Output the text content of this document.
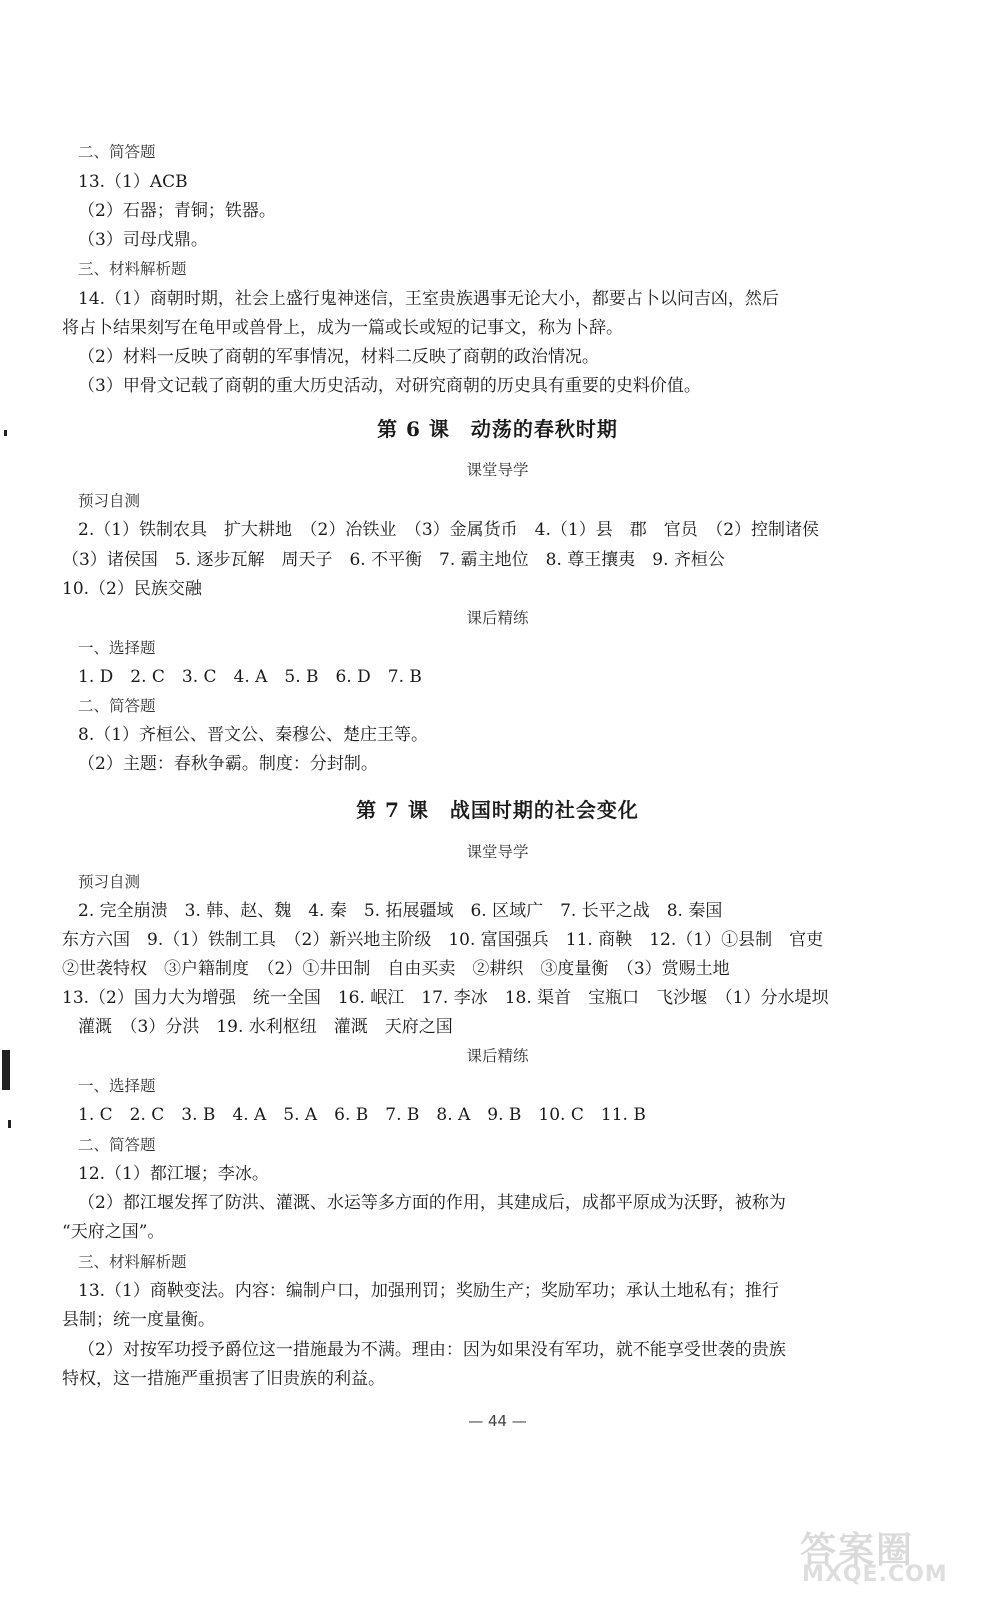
二、简答题
13.（1）ACB
（2）石器；青铜；铁器。
（3）司母戊鼎。
三、材料解析题
14.（1）商朝时期，社会上盛行鬼神迷信，王室贵族遇事无论大小，都要占卜以问吉凶，然后
将占卜结果刻写在龟甲或兽骨上，成为一篇或长或短的记事文，称为卜辞。
（2）材料一反映了商朝的军事情况，材料二反映了商朝的政治情况。
（3）甲骨文记载了商朝的重大历史活动，对研究商朝的历史具有重要的史料价值。
第 6 课　动荡的春秋时期
课堂导学
预习自测
2.（1）铁制农具　扩大耕地　（2）冶铁业　（3）金属货币　4.（1）县　郡　官员　（2）控制诸侯
（3）诸侯国　5. 逐步瓦解　周天子　6. 不平衡　7. 霸主地位　8. 尊王攘夷　9. 齐桓公
10.（2）民族交融
课后精练
一、选择题
1. D　2. C　3. C　4. A　5. B　6. D　7. B
二、简答题
8.（1）齐桓公、晋文公、秦穆公、楚庄王等。
（2）主题：春秋争霸。制度：分封制。
第 7 课　战国时期的社会变化
课堂导学
预习自测
2. 完全崩溃　3. 韩、赵、魏　4. 秦　5. 拓展疆域　6. 区域广　7. 长平之战　8. 秦国
东方六国　9.（1）铁制工具　（2）新兴地主阶级　10. 富国强兵　11. 商鞅　12.（1）①县制　官吏
②世袭特权　③户籍制度　（2）①井田制　自由买卖　②耕织　③度量衡　（3）赏赐土地
13.（2）国力大为增强　统一全国　16. 岷江　17. 李冰　18. 渠首　宝瓶口　飞沙堰　（1）分水堤坝
灌溉　（3）分洪　19. 水利枢纽　灌溉　天府之国
课后精练
一、选择题
1. C　2. C　3. B　4. A　5. A　6. B　7. B　8. A　9. B　10. C　11. B
二、简答题
12.（1）都江堰；李冰。
（2）都江堰发挥了防洪、灌溉、水运等多方面的作用，其建成后，成都平原成为沃野，被称为
“天府之国”。
三、材料解析题
13.（1）商鞅变法。内容：编制户口，加强刑罚；奖励生产；奖励军功；承认土地私有；推行
县制；统一度量衡。
（2）对按军功授予爵位这一措施最为不满。理由：因为如果没有军功，就不能享受世袭的贵族
特权，这一措施严重损害了旧贵族的利益。
— 44 —
答案圈
MXQE.COM
